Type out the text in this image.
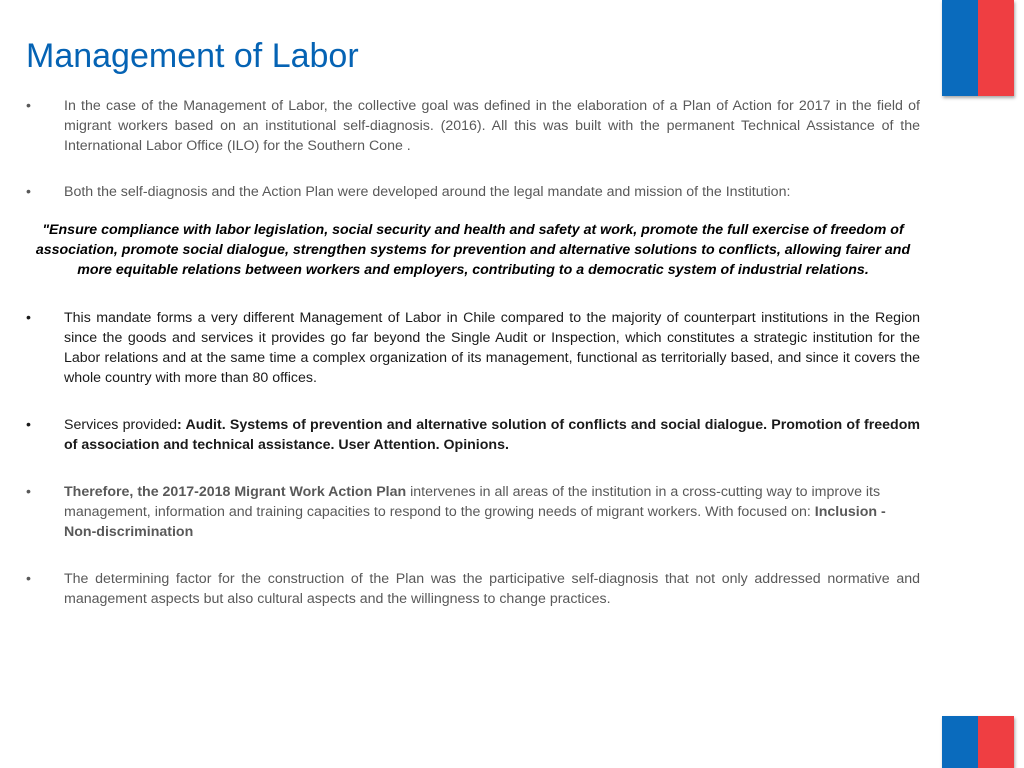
Management of Labor

•	In the case of the Management of Labor, the collective goal was defined in the elaboration of a Plan of Action for 2017 in the field of migrant workers based on an institutional self-diagnosis. (2016). All this was built with the permanent Technical Assistance of the International Labor Office (ILO) for the Southern Cone .

•	Both the self-diagnosis and the Action Plan were developed around the legal mandate and mission of the Institution:

"Ensure compliance with labor legislation, social security and health and safety at work, promote the full exercise of freedom of association, promote social dialogue, strengthen systems for prevention and alternative solutions to conflicts, allowing fairer and more equitable relations between workers and employers, contributing to a democratic system of industrial relations.

•	This mandate forms a very different Management of Labor in Chile compared to the majority of counterpart institutions in the Region since the goods and services it provides go far beyond the Single Audit or Inspection, which constitutes a strategic institution for the Labor relations and at the same time a complex organization of its management, functional as territorially based, and since it covers the whole country with more than 80 offices.

•	Services provided: Audit. Systems of prevention and alternative solution of conflicts and social dialogue. Promotion of freedom of association and technical assistance. User Attention. Opinions.

•	Therefore, the 2017-2018 Migrant Work Action Plan intervenes in all areas of the institution in a cross-cutting way to improve its management, information and training capacities to respond to the growing needs of migrant workers. With focused on: Inclusion - Non-discrimination

•	The determining factor for the construction of the Plan was the participative self-diagnosis that not only addressed normative and management aspects but also cultural aspects and the willingness to change practices.
